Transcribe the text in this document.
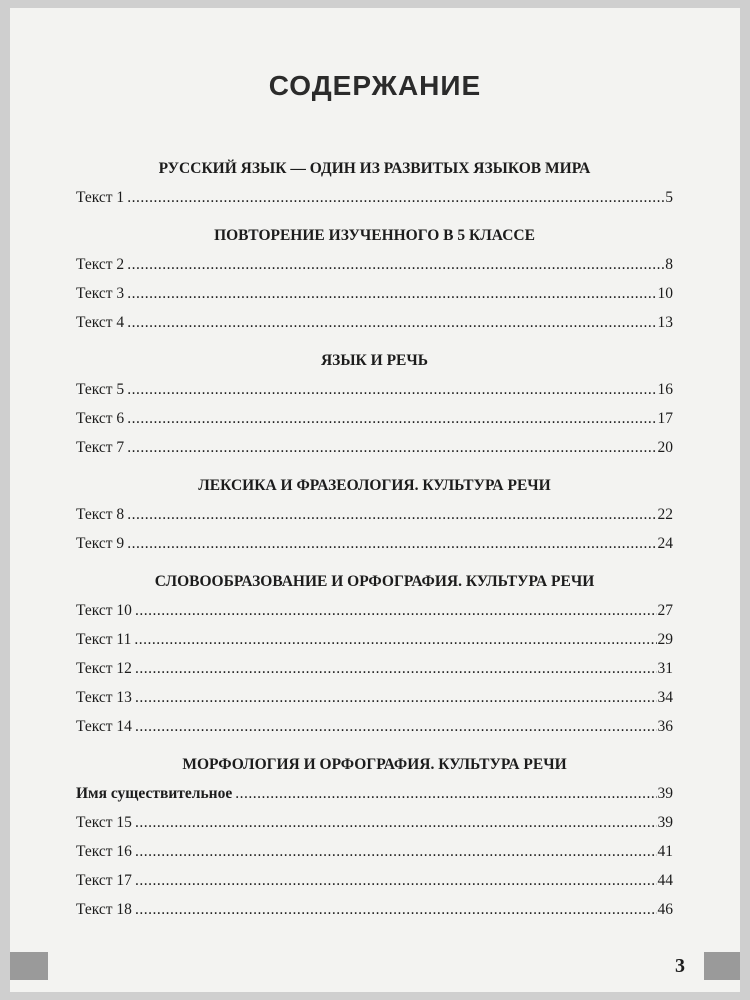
СОДЕРЖАНИЕ
РУССКИЙ ЯЗЫК — ОДИН ИЗ РАЗВИТЫХ ЯЗЫКОВ МИРА
Текст 1 .....	5
ПОВТОРЕНИЕ ИЗУЧЕННОГО В 5 КЛАССЕ
Текст 2 .....	8
Текст 3 .....	10
Текст 4 .....	13
ЯЗЫК И РЕЧЬ
Текст 5 .....	16
Текст 6 .....	17
Текст 7 .....	20
ЛЕКСИКА И ФРАЗЕОЛОГИЯ. КУЛЬТУРА РЕЧИ
Текст 8 .....	22
Текст 9 .....	24
СЛОВООБРАЗОВАНИЕ И ОРФОГРАФИЯ. КУЛЬТУРА РЕЧИ
Текст 10 .....	27
Текст 11 .....	29
Текст 12 .....	31
Текст 13 .....	34
Текст 14 .....	36
МОРФОЛОГИЯ И ОРФОГРАФИЯ. КУЛЬТУРА РЕЧИ
Имя существительное .....	39
Текст 15 .....	39
Текст 16 .....	41
Текст 17 .....	44
Текст 18 .....	46
3
